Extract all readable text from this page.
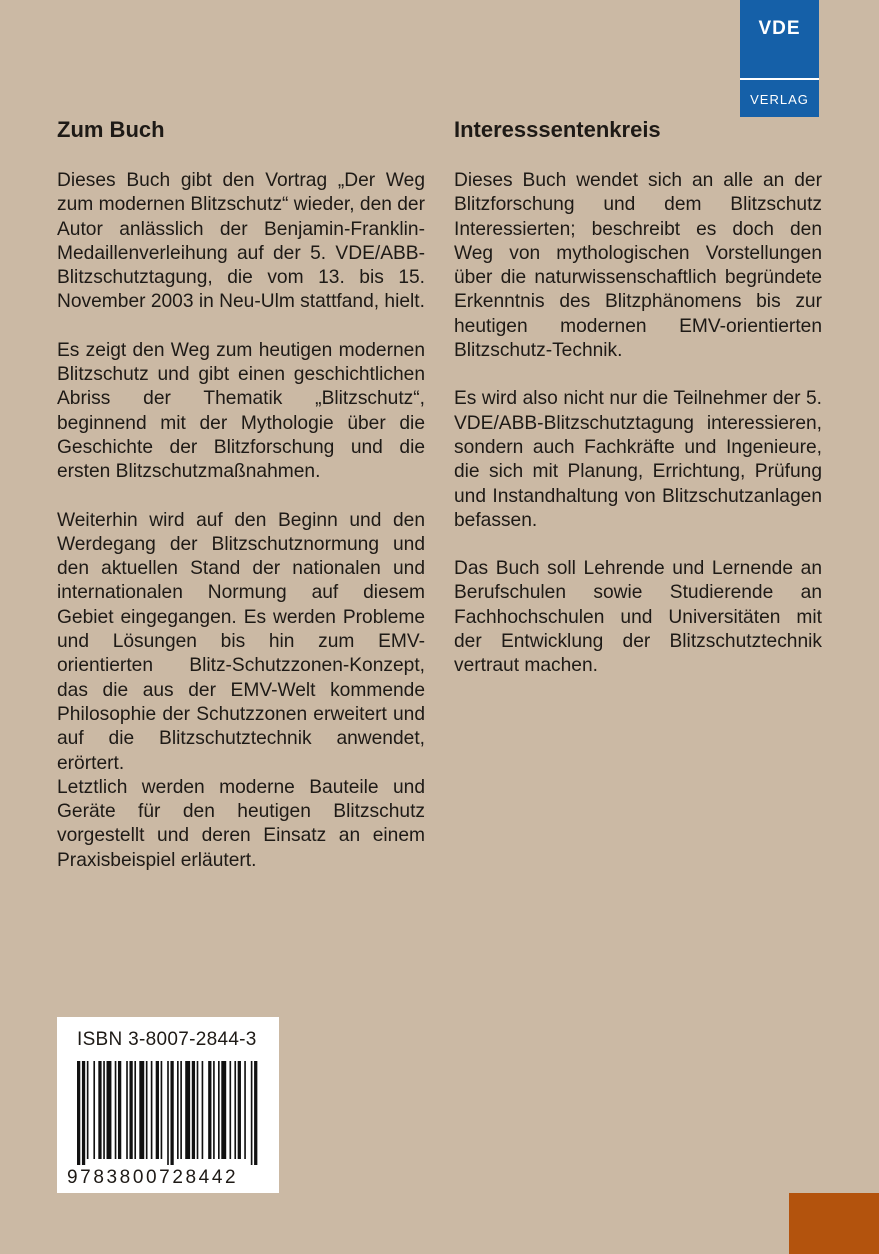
VDE
VERLAG
Zum Buch

Dieses Buch gibt den Vortrag „Der Weg zum modernen Blitzschutz“ wieder, den der Autor anlässlich der Benjamin-Franklin-Medaillenverleihung auf der 5. VDE/ABB-Blitzschutztagung, die vom 13. bis 15. November 2003 in Neu-Ulm stattfand, hielt.

Es zeigt den Weg zum heutigen modernen Blitzschutz und gibt einen geschichtlichen Abriss der Thematik „Blitzschutz“, beginnend mit der Mythologie über die Geschichte der Blitzforschung und die ersten Blitzschutzmaßnahmen.

Weiterhin wird auf den Beginn und den Werdegang der Blitzschutznormung und den aktuellen Stand der nationalen und internationalen Normung auf diesem Gebiet eingegangen. Es werden Probleme und Lösungen bis hin zum EMV-orientierten Blitz-Schutzzonen-Konzept, das die aus der EMV-Welt kommende Philosophie der Schutzzonen erweitert und auf die Blitzschutztechnik anwendet, erörtert.

Letztlich werden moderne Bauteile und Geräte für den heutigen Blitzschutz vorgestellt und deren Einsatz an einem Praxisbeispiel erläutert.

Interesssentenkreis

Dieses Buch wendet sich an alle an der Blitzforschung und dem Blitzschutz Interessierten; beschreibt es doch den Weg von mythologischen Vorstellungen über die naturwissenschaftlich begründete Erkenntnis des Blitzphänomens bis zur heutigen modernen EMV-orientierten Blitzschutz-Technik.

Es wird also nicht nur die Teilnehmer der 5. VDE/ABB-Blitzschutztagung interessieren, sondern auch Fachkräfte und Ingenieure, die sich mit Planung, Errichtung, Prüfung und Instandhaltung von Blitzschutzanlagen befassen.

Das Buch soll Lehrende und Lernende an Berufschulen sowie Studierende an Fachhochschulen und Universitäten mit der Entwicklung der Blitzschutztechnik vertraut machen.

ISBN 3-8007-2844-3
9783800728442
